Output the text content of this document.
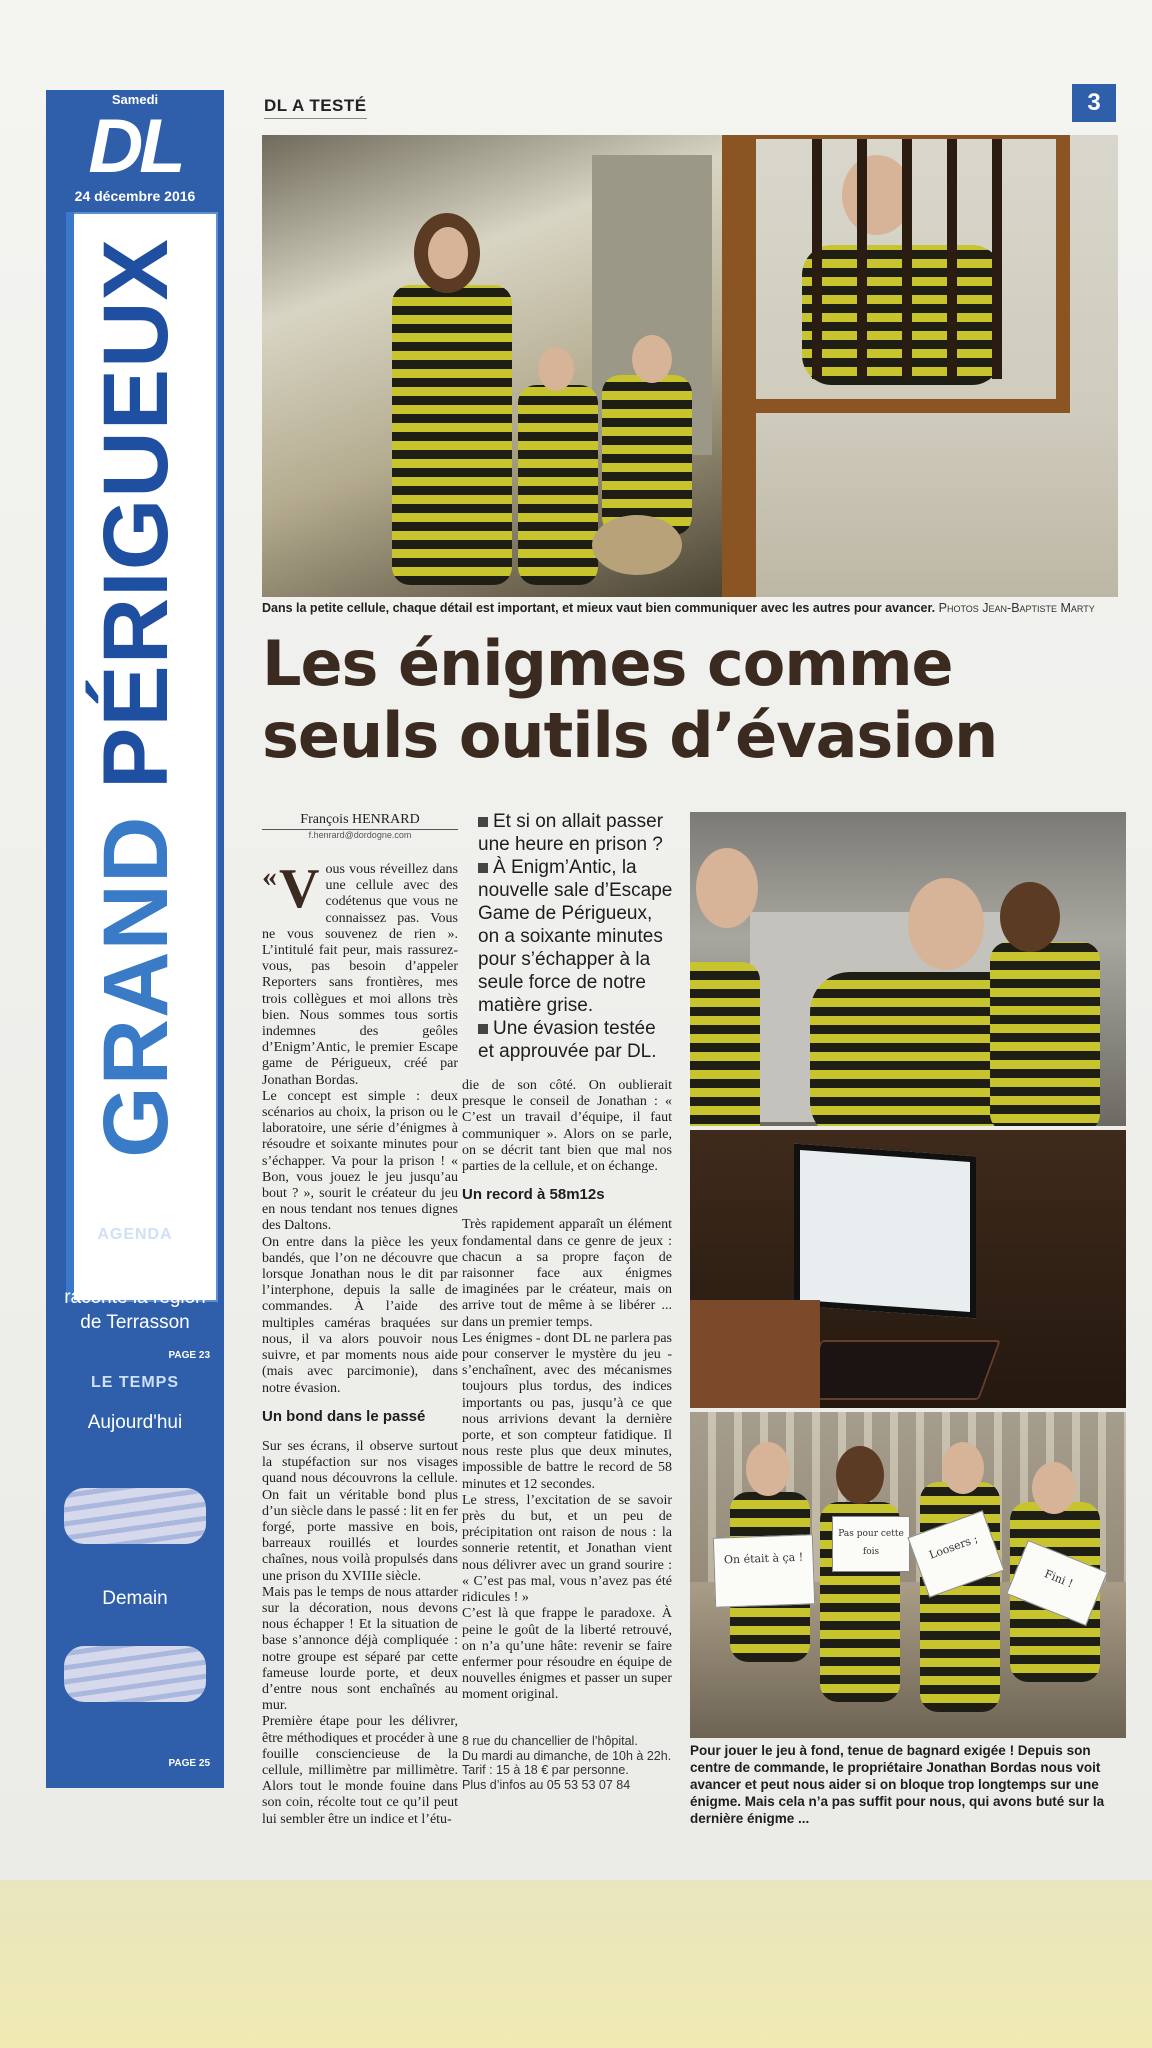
Samedi
DL
24 décembre 2016
GRAND PÉRIGUEUX
AGENDA
Un livre photo raconte la région de Terrasson
PAGE 23
LE TEMPS
Aujourd'hui
Demain
PAGE 25
DL A TESTÉ	3
Dans la petite cellule, chaque détail est important, et mieux vaut bien communiquer avec les autres pour avancer. Photos Jean-Baptiste Marty
Les énigmes comme
seuls outils d’évasion
François HENRARD
f.henrard@dordogne.com

Et si on allait passer une heure en prison ?

À Enigm’Antic, la nouvelle sale d’Escape Game de Périgueux, on a soixante minutes pour s’échapper à la seule force de notre matière grise.

Une évasion testée et approuvée par DL.

« V ous vous réveillez dans une cellule avec des codétenus que vous ne connaissez pas. Vous ne vous souvenez de rien ». L’intitulé fait peur, mais rassurez-vous, pas besoin d’appeler Reporters sans frontières, mes trois collègues et moi allons très bien. Nous sommes tous sortis indemnes des geôles d’Enigm’Antic, le premier Escape game de Périgueux, créé par Jonathan Bordas.

Le concept est simple : deux scénarios au choix, la prison ou le laboratoire, une série d’énigmes à résoudre et soixante minutes pour s’échapper. Va pour la prison ! « Bon, vous jouez le jeu jusqu’au bout ? », sourit le créateur du jeu en nous tendant nos tenues dignes des Daltons.

On entre dans la pièce les yeux bandés, que l’on ne découvre que lorsque Jonathan nous le dit par l’interphone, depuis la salle de commandes. À l’aide des multiples caméras braquées sur nous, il va alors pouvoir nous suivre, et par moments nous aide (mais avec parcimonie), dans notre évasion.

Un bond dans le passé

Sur ses écrans, il observe surtout la stupéfaction sur nos visages quand nous découvrons la cellule. On fait un véritable bond plus d’un siècle dans le passé : lit en fer forgé, porte massive en bois, barreaux rouillés et lourdes chaînes, nous voilà propulsés dans une prison du XVIIIe siècle.

Mais pas le temps de nous attarder sur la décoration, nous devons nous échapper ! Et la situation de base s’annonce déjà compliquée : notre groupe est séparé par cette fameuse lourde porte, et deux d’entre nous sont enchaînés au mur.

Première étape pour les délivrer, être méthodiques et procéder à une fouille consciencieuse de la cellule, millimètre par millimètre. Alors tout le monde fouine dans son coin, récolte tout ce qu’il peut lui sembler être un indice et l’étu-

die de son côté. On oublierait presque le conseil de Jonathan : « C’est un travail d’équipe, il faut communiquer ». Alors on se parle, on se décrit tant bien que mal nos parties de la cellule, et on échange.

Un record à 58m12s

Très rapidement apparaît un élément fondamental dans ce genre de jeux : chacun a sa propre façon de raisonner face aux énigmes imaginées par le créateur, mais on arrive tout de même à se libérer ... dans un premier temps.

Les énigmes - dont DL ne parlera pas pour conserver le mystère du jeu - s’enchaînent, avec des mécanismes toujours plus tordus, des indices importants ou pas, jusqu’à ce que nous arrivions devant la dernière porte, et son compteur fatidique. Il nous reste plus que deux minutes, impossible de battre le record de 58 minutes et 12 secondes.

Le stress, l’excitation de se savoir près du but, et un peu de précipitation ont raison de nous : la sonnerie retentit, et Jonathan vient nous délivrer avec un grand sourire : « C’est pas mal, vous n’avez pas été ridicules ! »

C’est là que frappe le paradoxe. À peine le goût de la liberté retrouvé, on n’a qu’une hâte: revenir se faire enfermer pour résoudre en équipe de nouvelles énigmes et passer un super moment original.

8 rue du chancellier de l’hôpital.
Du mardi au dimanche, de 10h à 22h.
Tarif : 15 à 18 € par personne.
Plus d’infos au 05 53 53 07 84
On était à ça !
Pas pour cette fois	Loosers ;
Fini !
Pour jouer le jeu à fond, tenue de bagnard exigée ! Depuis son centre de commande, le propriétaire Jonathan Bordas nous voit avancer et peut nous aider si on bloque trop longtemps sur une énigme. Mais cela n’a pas suffit pour nous, qui avons buté sur la dernière énigme ...
